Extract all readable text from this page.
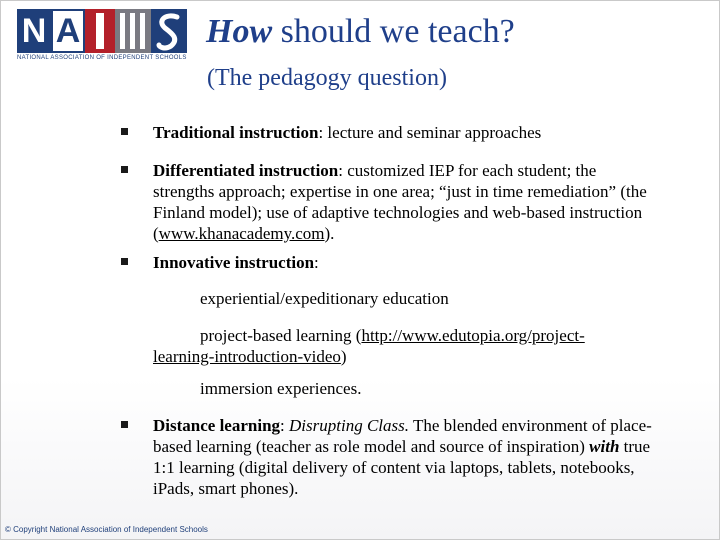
N A
NATIONAL ASSOCIATION OF INDEPENDENT SCHOOLS
How should we teach?
(The pedagogy question)
Traditional instruction: lecture and seminar approaches
Differentiated instruction: customized IEP for each student; the strengths approach; expertise in one area; “just in time remediation” (the Finland model); use of adaptive technologies and web-based instruction (www.khanacademy.com).
Innovative instruction:
experiential/expeditionary education
project-based learning (http://www.edutopia.org/project-learning-introduction-video)
immersion experiences.
Distance learning: Disrupting Class. The blended environment of place-based learning (teacher as role model and source of inspiration) with true 1:1 learning (digital delivery of content via laptops, tablets, notebooks, iPads, smart phones).
© Copyright National Association of Independent Schools
